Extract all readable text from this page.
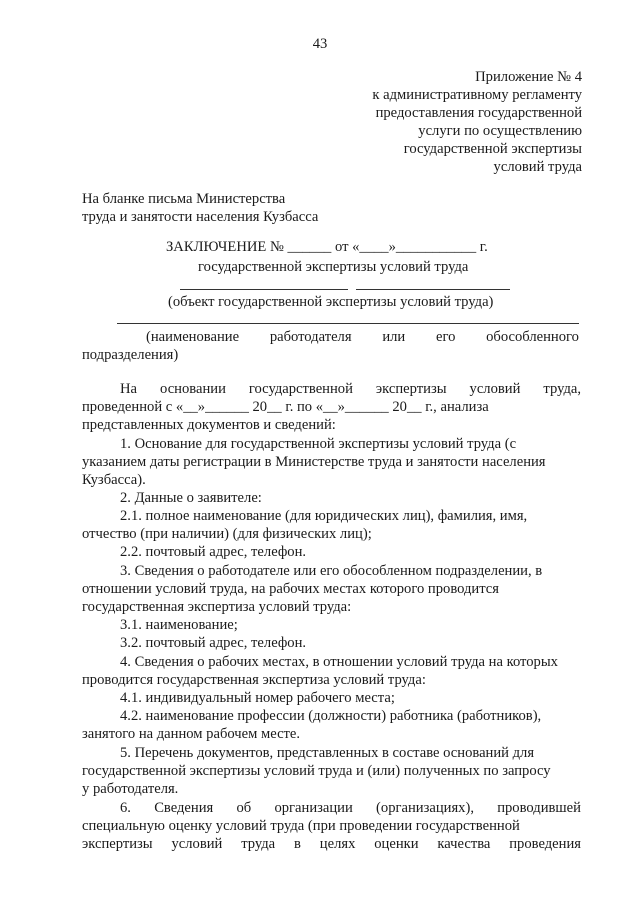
43
Приложение № 4
к административному регламенту
предоставления государственной
услуги по осуществлению
государственной экспертизы
условий труда
На бланке письма Министерства
труда и занятости населения Кузбасса
ЗАКЛЮЧЕНИЕ № ______ от «____»___________ г.
государственной экспертизы условий труда
(объект государственной экспертизы условий труда)
(наименование работодателя или его обособленного
подразделения)
На основании государственной экспертизы условий труда,
проведенной с «__»______ 20__ г. по «__»______ 20__ г., анализа
представленных документов и сведений:
1. Основание для государственной экспертизы условий труда (с
указанием даты регистрации в Министерстве труда и занятости населения
Кузбасса).
2. Данные о заявителе:
2.1. полное наименование (для юридических лиц), фамилия, имя,
отчество (при наличии) (для физических лиц);
2.2. почтовый адрес, телефон.
3. Сведения о работодателе или его обособленном подразделении, в
отношении условий труда, на рабочих местах которого проводится
государственная экспертиза условий труда:
3.1. наименование;
3.2. почтовый адрес, телефон.
4. Сведения о рабочих местах, в отношении условий труда на которых
проводится государственная экспертиза условий труда:
4.1. индивидуальный номер рабочего места;
4.2. наименование профессии (должности) работника (работников),
занятого на данном рабочем месте.
5. Перечень документов, представленных в составе оснований для
государственной экспертизы условий труда и (или) полученных по запросу
у работодателя.
6. Сведения об организации (организациях), проводившей
специальную оценку условий труда (при проведении государственной
экспертизы условий труда в целях оценки качества проведения
